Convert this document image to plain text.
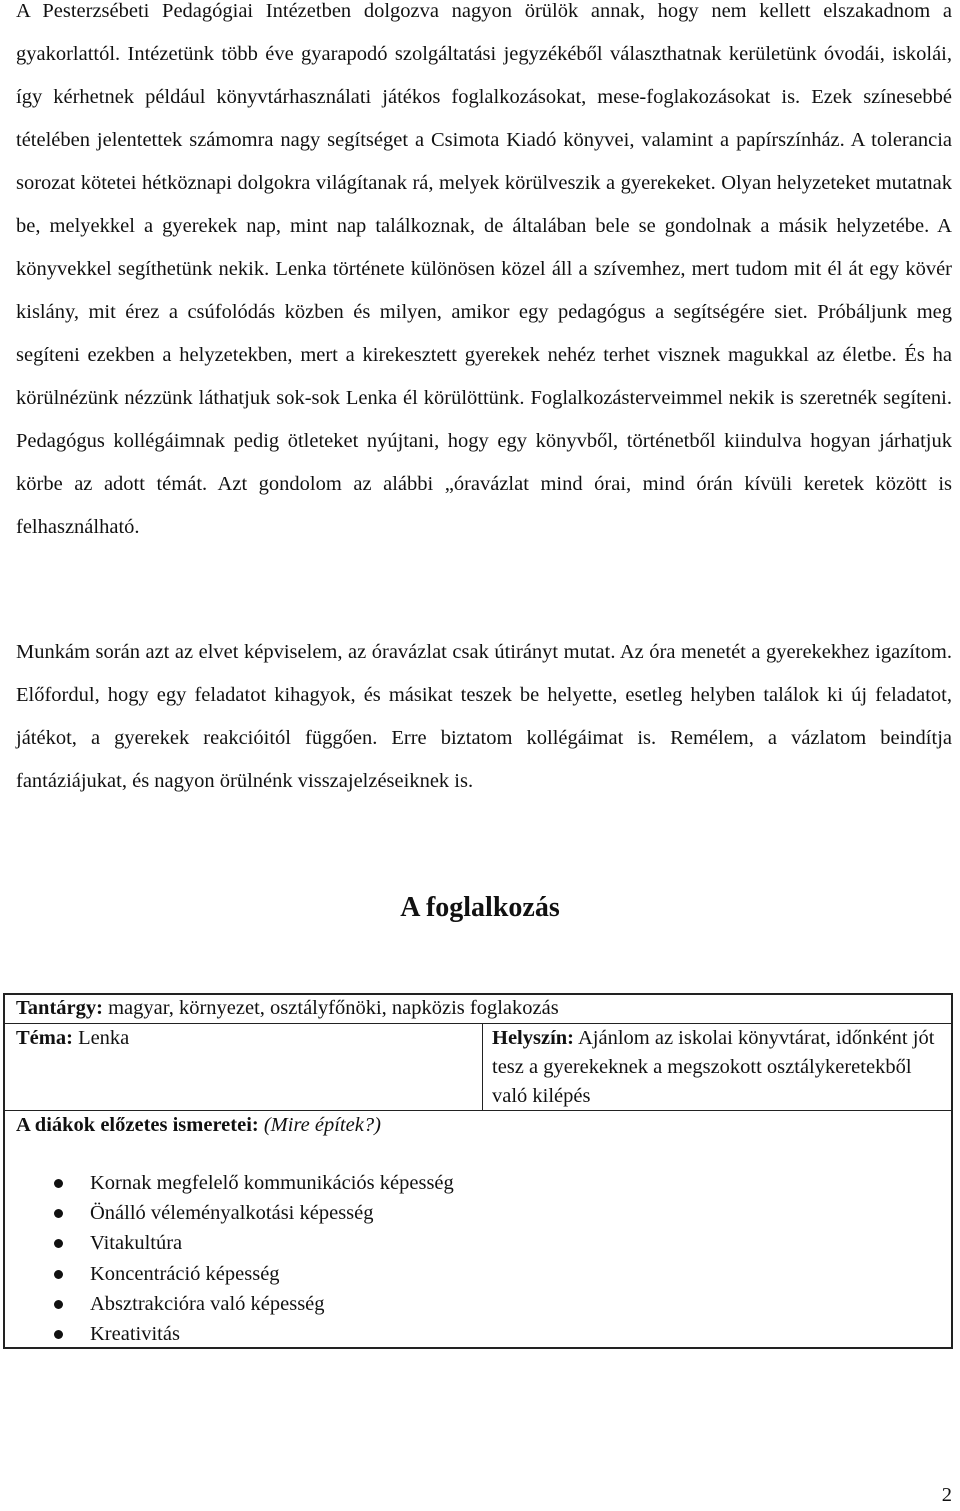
A Pesterzsébeti Pedagógiai Intézetben dolgozva nagyon örülök annak, hogy nem kellett elszakadnom a gyakorlattól. Intézetünk több éve gyarapodó szolgáltatási jegyzékéből választhatnak kerületünk óvodái, iskolái, így kérhetnek például könyvtárhasználati játékos foglalkozásokat, mese-foglakozásokat is. Ezek színesebbé tételében jelentettek számomra nagy segítséget a Csimota Kiadó könyvei, valamint a papírszínház. A tolerancia sorozat kötetei hétköznapi dolgokra világítanak rá, melyek körülveszik a gyerekeket. Olyan helyzeteket mutatnak be, melyekkel a gyerekek nap, mint nap találkoznak, de általában bele se gondolnak a másik helyzetébe. A könyvekkel segíthetünk nekik. Lenka története különösen közel áll a szívemhez, mert tudom mit él át egy kövér kislány, mit érez a csúfolódás közben és milyen, amikor egy pedagógus a segítségére siet. Próbáljunk meg segíteni ezekben a helyzetekben, mert a kirekesztett gyerekek nehéz terhet visznek magukkal az életbe. És ha körülnézünk nézzünk láthatjuk sok-sok Lenka él körülöttünk. Foglalkozásterveimmel nekik is szeretnék segíteni. Pedagógus kollégáimnak pedig ötleteket nyújtani, hogy egy könyvből, történetből kiindulva hogyan járhatjuk körbe az adott témát. Azt gondolom az alábbi „óravázlat mind órai, mind órán kívüli keretek között is felhasználható.

Munkám során azt az elvet képviselem, az óravázlat csak útirányt mutat. Az óra menetét a gyerekekhez igazítom. Előfordul, hogy egy feladatot kihagyok, és másikat teszek be helyette, esetleg helyben találok ki új feladatot, játékot, a gyerekek reakcióitól függően. Erre biztatom kollégáimat is. Remélem, a vázlatom beindítja fantáziájukat, és nagyon örülnénk visszajelzéseiknek is.

A foglalkozás

Tantárgy: magyar, környezet, osztályfőnöki, napközis foglakozás

Téma: Lenka	Helyszín: Ajánlom az iskolai könyvtárat, időnként jót tesz a gyerekeknek a megszokott osztálykeretekből való kilépés

A diákok előzetes ismeretei: (Mire építek?)

Kornak megfelelő kommunikációs képesség
Önálló véleményalkotási képesség
Vitakultúra
Koncentráció képesség
Absztrakcióra való képesség
Kreativitás

2
